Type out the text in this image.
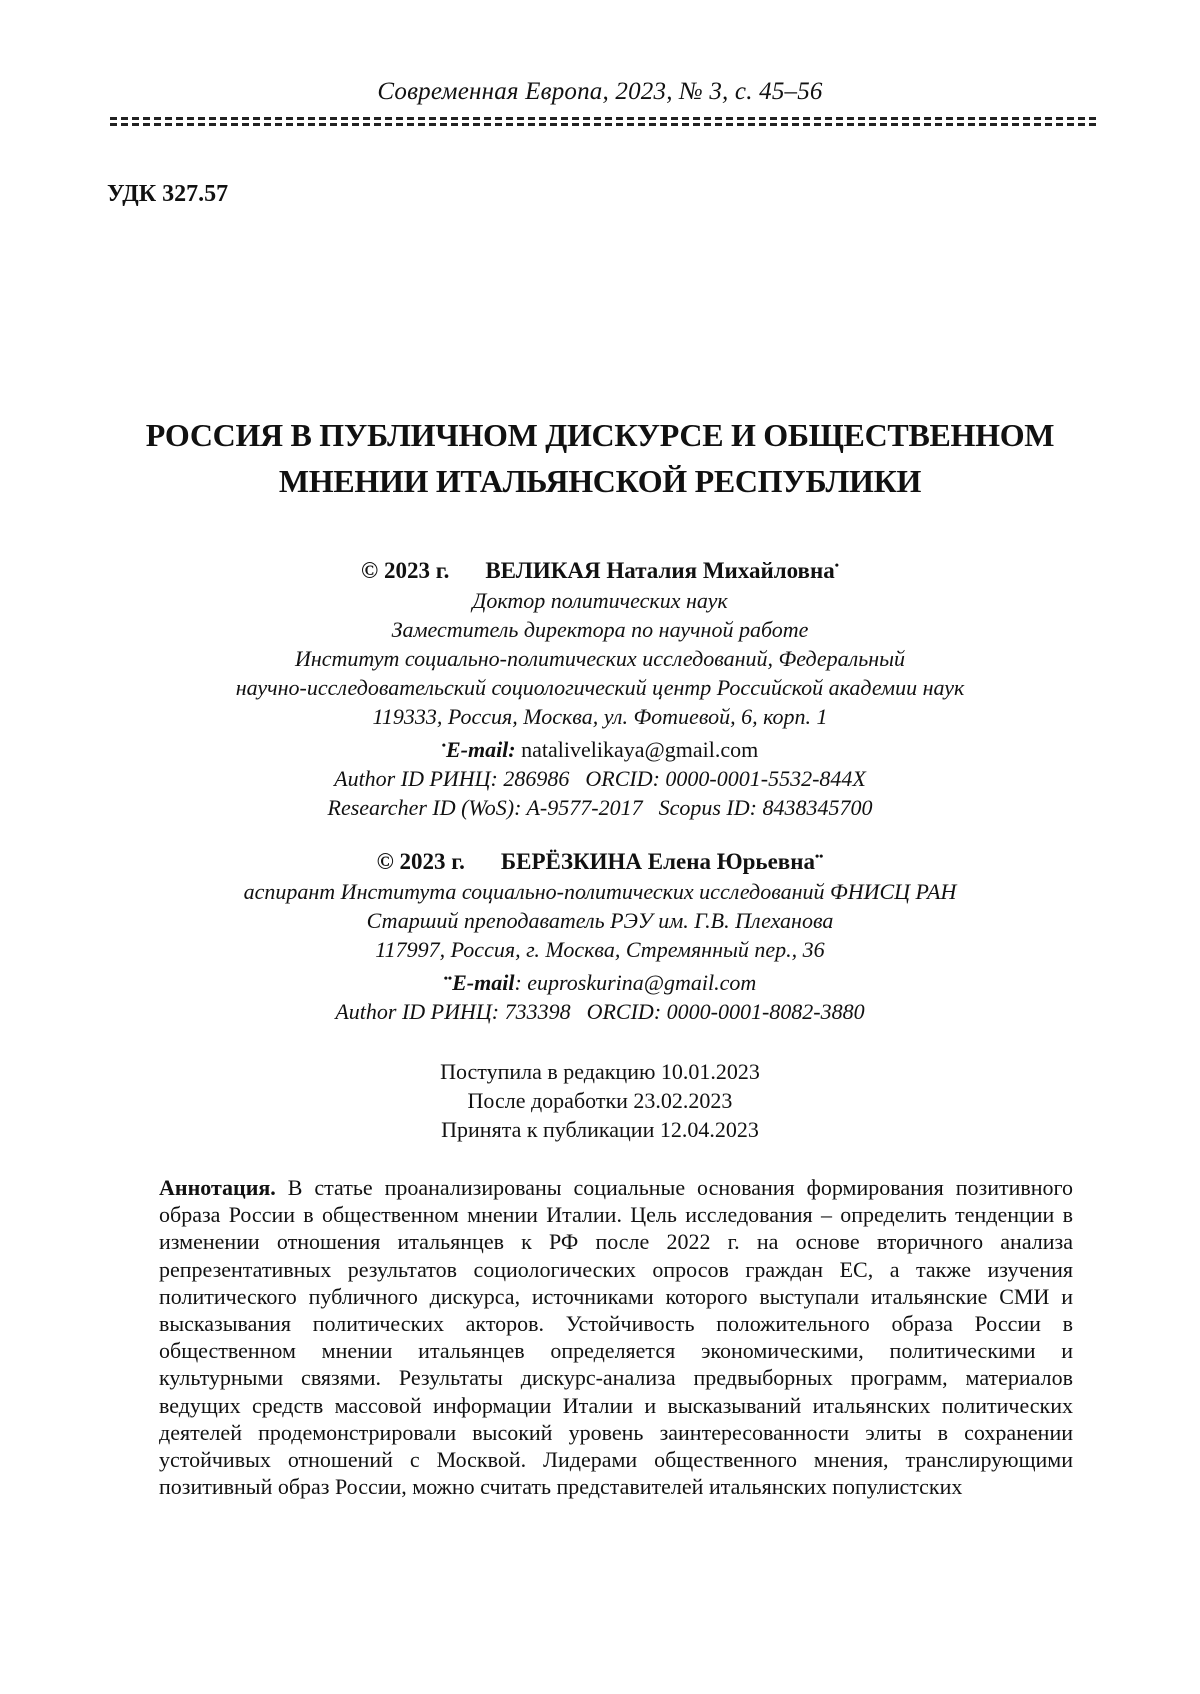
Современная Европа, 2023, № 3, с. 45–56
УДК 327.57
РОССИЯ В ПУБЛИЧНОМ ДИСКУРСЕ И ОБЩЕСТВЕННОМ
МНЕНИИ ИТАЛЬЯНСКОЙ РЕСПУБЛИКИ
© 2023 г. ВЕЛИКАЯ Наталия Михайловна•
Доктор политических наук
Заместитель директора по научной работе
Институт социально-политических исследований, Федеральный
научно-исследовательский социологический центр Российской академии наук
119333, Россия, Москва, ул. Фотиевой, 6, корп. 1
•E-mail: natalivelikaya@gmail.com
Author ID РИНЦ: 286986 ORCID: 0000-0001-5532-844X
Researcher ID (WoS): A-9577-2017 Scopus ID: 8438345700
© 2023 г. БЕРЁЗКИНА Елена Юрьевна••
аспирант Института социально-политических исследований ФНИСЦ РАН
Старший преподаватель РЭУ им. Г.В. Плеханова
117997, Россия, г. Москва, Стремянный пер., 36
••E-mail: euproskurina@gmail.com
Author ID РИНЦ: 733398 ORCID: 0000-0001-8082-3880
Поступила в редакцию 10.01.2023
После доработки 23.02.2023
Принята к публикации 12.04.2023
Аннотация. В статье проанализированы социальные основания формирования позитивного образа России в общественном мнении Италии. Цель исследования – определить тенденции в изменении отношения итальянцев к РФ после 2022 г. на основе вторичного анализа репрезентативных результатов социологических опросов граждан ЕС, а также изучения политического публичного дискурса, источниками которого выступали итальянские СМИ и высказывания политических акторов. Устойчивость положительного образа России в общественном мнении итальянцев определяется экономическими, политическими и культурными связями. Результаты дискурс-анализа предвыборных программ, материалов ведущих средств массовой информации Италии и высказываний итальянских политических деятелей продемонстрировали высокий уровень заинтересованности элиты в сохранении устойчивых отношений с Москвой. Лидерами общественного мнения, транслирующими позитивный образ России, можно считать представителей итальянских популистских
